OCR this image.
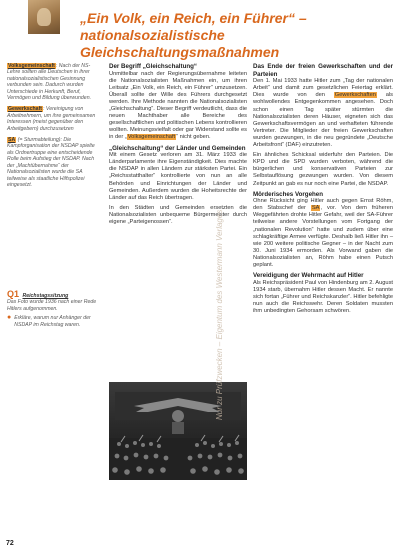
„Ein Volk, ein Reich, ein Führer“ – nationalsozialistische Gleichschaltungsmaßnahmen

Volksgemeinschaft: Nach der NS-Lehre sollten alle Deutschen in ihrer nationalsozialistischen Gesinnung verbunden sein. Dadurch wurden Unterschiede in Herkunft, Beruf, Vermögen und Bildung überwunden.

Gewerkschaft: Vereinigung von Arbeitnehmern, um ihre gemeinsamen Interessen (meist gegenüber den Arbeitgebern) durchzusetzen

SA (= Sturmabteilung): Die Kampforganisation der NSDAP spielte als Ordnertruppe eine entscheidende Rolle beim Aufstieg der NSDAP. Nach der „Machtübernahme“ der Nationalsozialisten wurde die SA teilweise als staatliche Hilfspolizei eingesetzt.

Q1 Reichstagssitzung
Das Foto wurde 1936 nach einer Rede Hitlers aufgenommen.
● Erkläre, warum nur Anhänger der NSDAP im Reichstag waren.
Der Begriff „Gleichschaltung“

Unmittelbar nach der Regierungsübernahme leiteten die Nationalsozialisten Maßnahmen ein, um ihren Leitsatz „Ein Volk, ein Reich, ein Führer“ umzusetzen. Überall sollte der Wille des Führers durchgesetzt werden. Ihre Methode nannten die Nationalsozialisten „Gleichschaltung“. Dieser Begriff verdeutlicht, dass die neuen Machthaber alle Bereiche des gesellschaftlichen und politischen Lebens kontrollieren wollten. Meinungsvielfalt oder gar Widerstand sollte es in der „Volksgemeinschaft“ nicht geben.

„Gleichschaltung“ der Länder und Gemeinden

Mit einem Gesetz verloren am 31. März 1933 die Länderparlamente ihre Eigenständigkeit. Dies machte die NSDAP in allen Ländern zur stärksten Partei. Ein „Reichsstatthalter“ kontrollierte von nun an alle Behörden und Einrichtungen der Länder und Gemeinden. Außerdem wurden die Hoheitsrechte der Länder auf das Reich übertragen.

In den Städten und Gemeinden ersetzten die Nationalsozialisten unbequeme Bürgermeister durch eigene „Parteigenossen“.

Das Ende der freien Gewerkschaften und der Parteien

Den 1. Mai 1933 hatte Hitler zum „Tag der nationalen Arbeit“ und damit zum gesetzlichen Feiertag erklärt. Dies wurde von den Gewerkschaften als wohlwollendes Entgegenkommen angesehen. Doch schon einen Tag später stürmten die Nationalsozialisten deren Häuser, eigneten sich das Gewerkschaftsvermögen an und verhafteten führende Vertreter. Die Mitglieder der freien Gewerkschaften wurden gezwungen, in die neu gegründete „Deutsche Arbeitsfront“ (DAF) einzutreten.

Ein ähnliches Schicksal widerfuhr den Parteien. Die KPD und die SPD wurden verboten, während die bürgerlichen und konservativen Parteien zur Selbstauflösung gezwungen wurden. Von diesem Zeitpunkt an gab es nur noch eine Partei, die NSDAP.

Mörderisches Vorgehen

Ohne Rücksicht ging Hitler auch gegen Ernst Röhm, den Stabschef der SA, vor. Von dem früheren Weggefährten drohte Hitler Gefahr, weil der SA-Führer teilweise andere Vorstellungen vom Fortgang der „nationalen Revolution“ hatte und zudem über eine schlagkräftige Armee verfügte. Deshalb ließ Hitler ihn – wie 200 weitere politische Gegner – in der Nacht zum 30. Juni 1934 ermorden. Als Vorwand gaben die Nationalsozialisten an, Röhm habe einen Putsch geplant.

Vereidigung der Wehrmacht auf Hitler

Als Reichspräsident Paul von Hindenburg am 2. August 1934 starb, übernahm Hitler dessen Macht. Er nannte sich fortan „Führer und Reichskanzler“. Hitler befehligte nun auch die Reichswehr. Deren Soldaten mussten ihm unbedingten Gehorsam schwören.

Nur zu Prüfzwecken – Eigentum des Westermann Verlages
72
